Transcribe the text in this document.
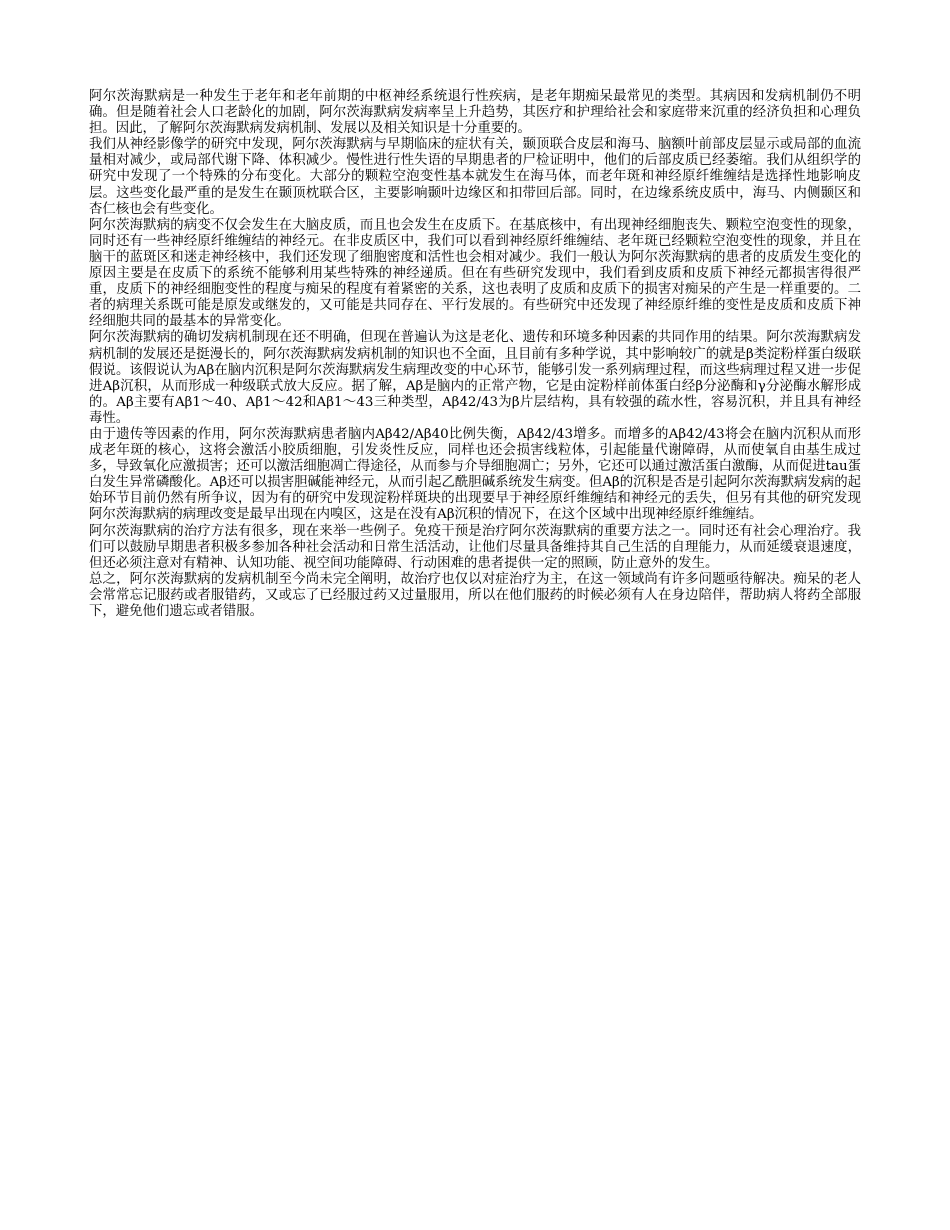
阿尔茨海默病是一种发生于老年和老年前期的中枢神经系统退行性疾病，是老年期痴呆最常见的类型。其病因和发病机制仍不明确。但是随着社会人口老龄化的加剧，阿尔茨海默病发病率呈上升趋势，其医疗和护理给社会和家庭带来沉重的经济负担和心理负担。因此，了解阿尔茨海默病发病机制、发展以及相关知识是十分重要的。

我们从神经影像学的研究中发现，阿尔茨海默病与早期临床的症状有关，颞顶联合皮层和海马、脑额叶前部皮层显示或局部的血流量相对减少，或局部代谢下降、体积减少。慢性进行性失语的早期患者的尸检证明中，他们的后部皮质已经萎缩。我们从组织学的研究中发现了一个特殊的分布变化。大部分的颗粒空泡变性基本就发生在海马体，而老年斑和神经原纤维缠结是选择性地影响皮层。这些变化最严重的是发生在颞顶枕联合区，主要影响颞叶边缘区和扣带回后部。同时，在边缘系统皮质中，海马、内侧颞区和杏仁核也会有些变化。

阿尔茨海默病的病变不仅会发生在大脑皮质，而且也会发生在皮质下。在基底核中，有出现神经细胞丧失、颗粒空泡变性的现象，同时还有一些神经原纤维缠结的神经元。在非皮质区中，我们可以看到神经原纤维缠结、老年斑已经颗粒空泡变性的现象，并且在脑干的蓝斑区和迷走神经核中，我们还发现了细胞密度和活性也会相对减少。我们一般认为阿尔茨海默病的患者的皮质发生变化的原因主要是在皮质下的系统不能够利用某些特殊的神经递质。但在有些研究发现中，我们看到皮质和皮质下神经元都损害得很严重，皮质下的神经细胞变性的程度与痴呆的程度有着紧密的关系，这也表明了皮质和皮质下的损害对痴呆的产生是一样重要的。二者的病理关系既可能是原发或继发的，又可能是共同存在、平行发展的。有些研究中还发现了神经原纤维的变性是皮质和皮质下神经细胞共同的最基本的异常变化。

阿尔茨海默病的确切发病机制现在还不明确，但现在普遍认为这是老化、遗传和环境多种因素的共同作用的结果。阿尔茨海默病发病机制的发展还是挺漫长的，阿尔茨海默病发病机制的知识也不全面，且目前有多种学说，其中影响较广的就是β类淀粉样蛋白级联假说。该假说认为Aβ在脑内沉积是阿尔茨海默病发生病理改变的中心环节，能够引发一系列病理过程，而这些病理过程又进一步促进Aβ沉积，从而形成一种级联式放大反应。据了解，Aβ是脑内的正常产物，它是由淀粉样前体蛋白经β分泌酶和γ分泌酶水解形成的。Aβ主要有Aβ1～40、Aβ1～42和Aβ1～43三种类型，Aβ42/43为β片层结构，具有较强的疏水性，容易沉积，并且具有神经毒性。

由于遗传等因素的作用，阿尔茨海默病患者脑内Aβ42/Aβ40比例失衡，Aβ42/43增多。而增多的Aβ42/43将会在脑内沉积从而形成老年斑的核心，这将会激活小胶质细胞，引发炎性反应，同样也还会损害线粒体，引起能量代谢障碍，从而使氧自由基生成过多，导致氧化应激损害；还可以激活细胞凋亡得途径，从而参与介导细胞凋亡；另外，它还可以通过激活蛋白激酶，从而促进tau蛋白发生异常磷酸化。Aβ还可以损害胆碱能神经元，从而引起乙酰胆碱系统发生病变。但Aβ的沉积是否是引起阿尔茨海默病发病的起始环节目前仍然有所争议，因为有的研究中发现淀粉样斑块的出现要早于神经原纤维缠结和神经元的丢失，但另有其他的研究发现阿尔茨海默病的病理改变是最早出现在内嗅区，这是在没有Aβ沉积的情况下，在这个区域中出现神经原纤维缠结。

阿尔茨海默病的治疗方法有很多，现在来举一些例子。免疫干预是治疗阿尔茨海默病的重要方法之一。同时还有社会心理治疗。我们可以鼓励早期患者积极多参加各种社会活动和日常生活活动，让他们尽量具备维持其自己生活的自理能力，从而延缓衰退速度，但还必须注意对有精神、认知功能、视空间功能障碍、行动困难的患者提供一定的照顾，防止意外的发生。

总之，阿尔茨海默病的发病机制至今尚未完全阐明，故治疗也仅以对症治疗为主，在这一领域尚有许多问题亟待解决。痴呆的老人会常常忘记服药或者服错药，又或忘了已经服过药又过量服用，所以在他们服药的时候必须有人在身边陪伴，帮助病人将药全部服下，避免他们遗忘或者错服。
